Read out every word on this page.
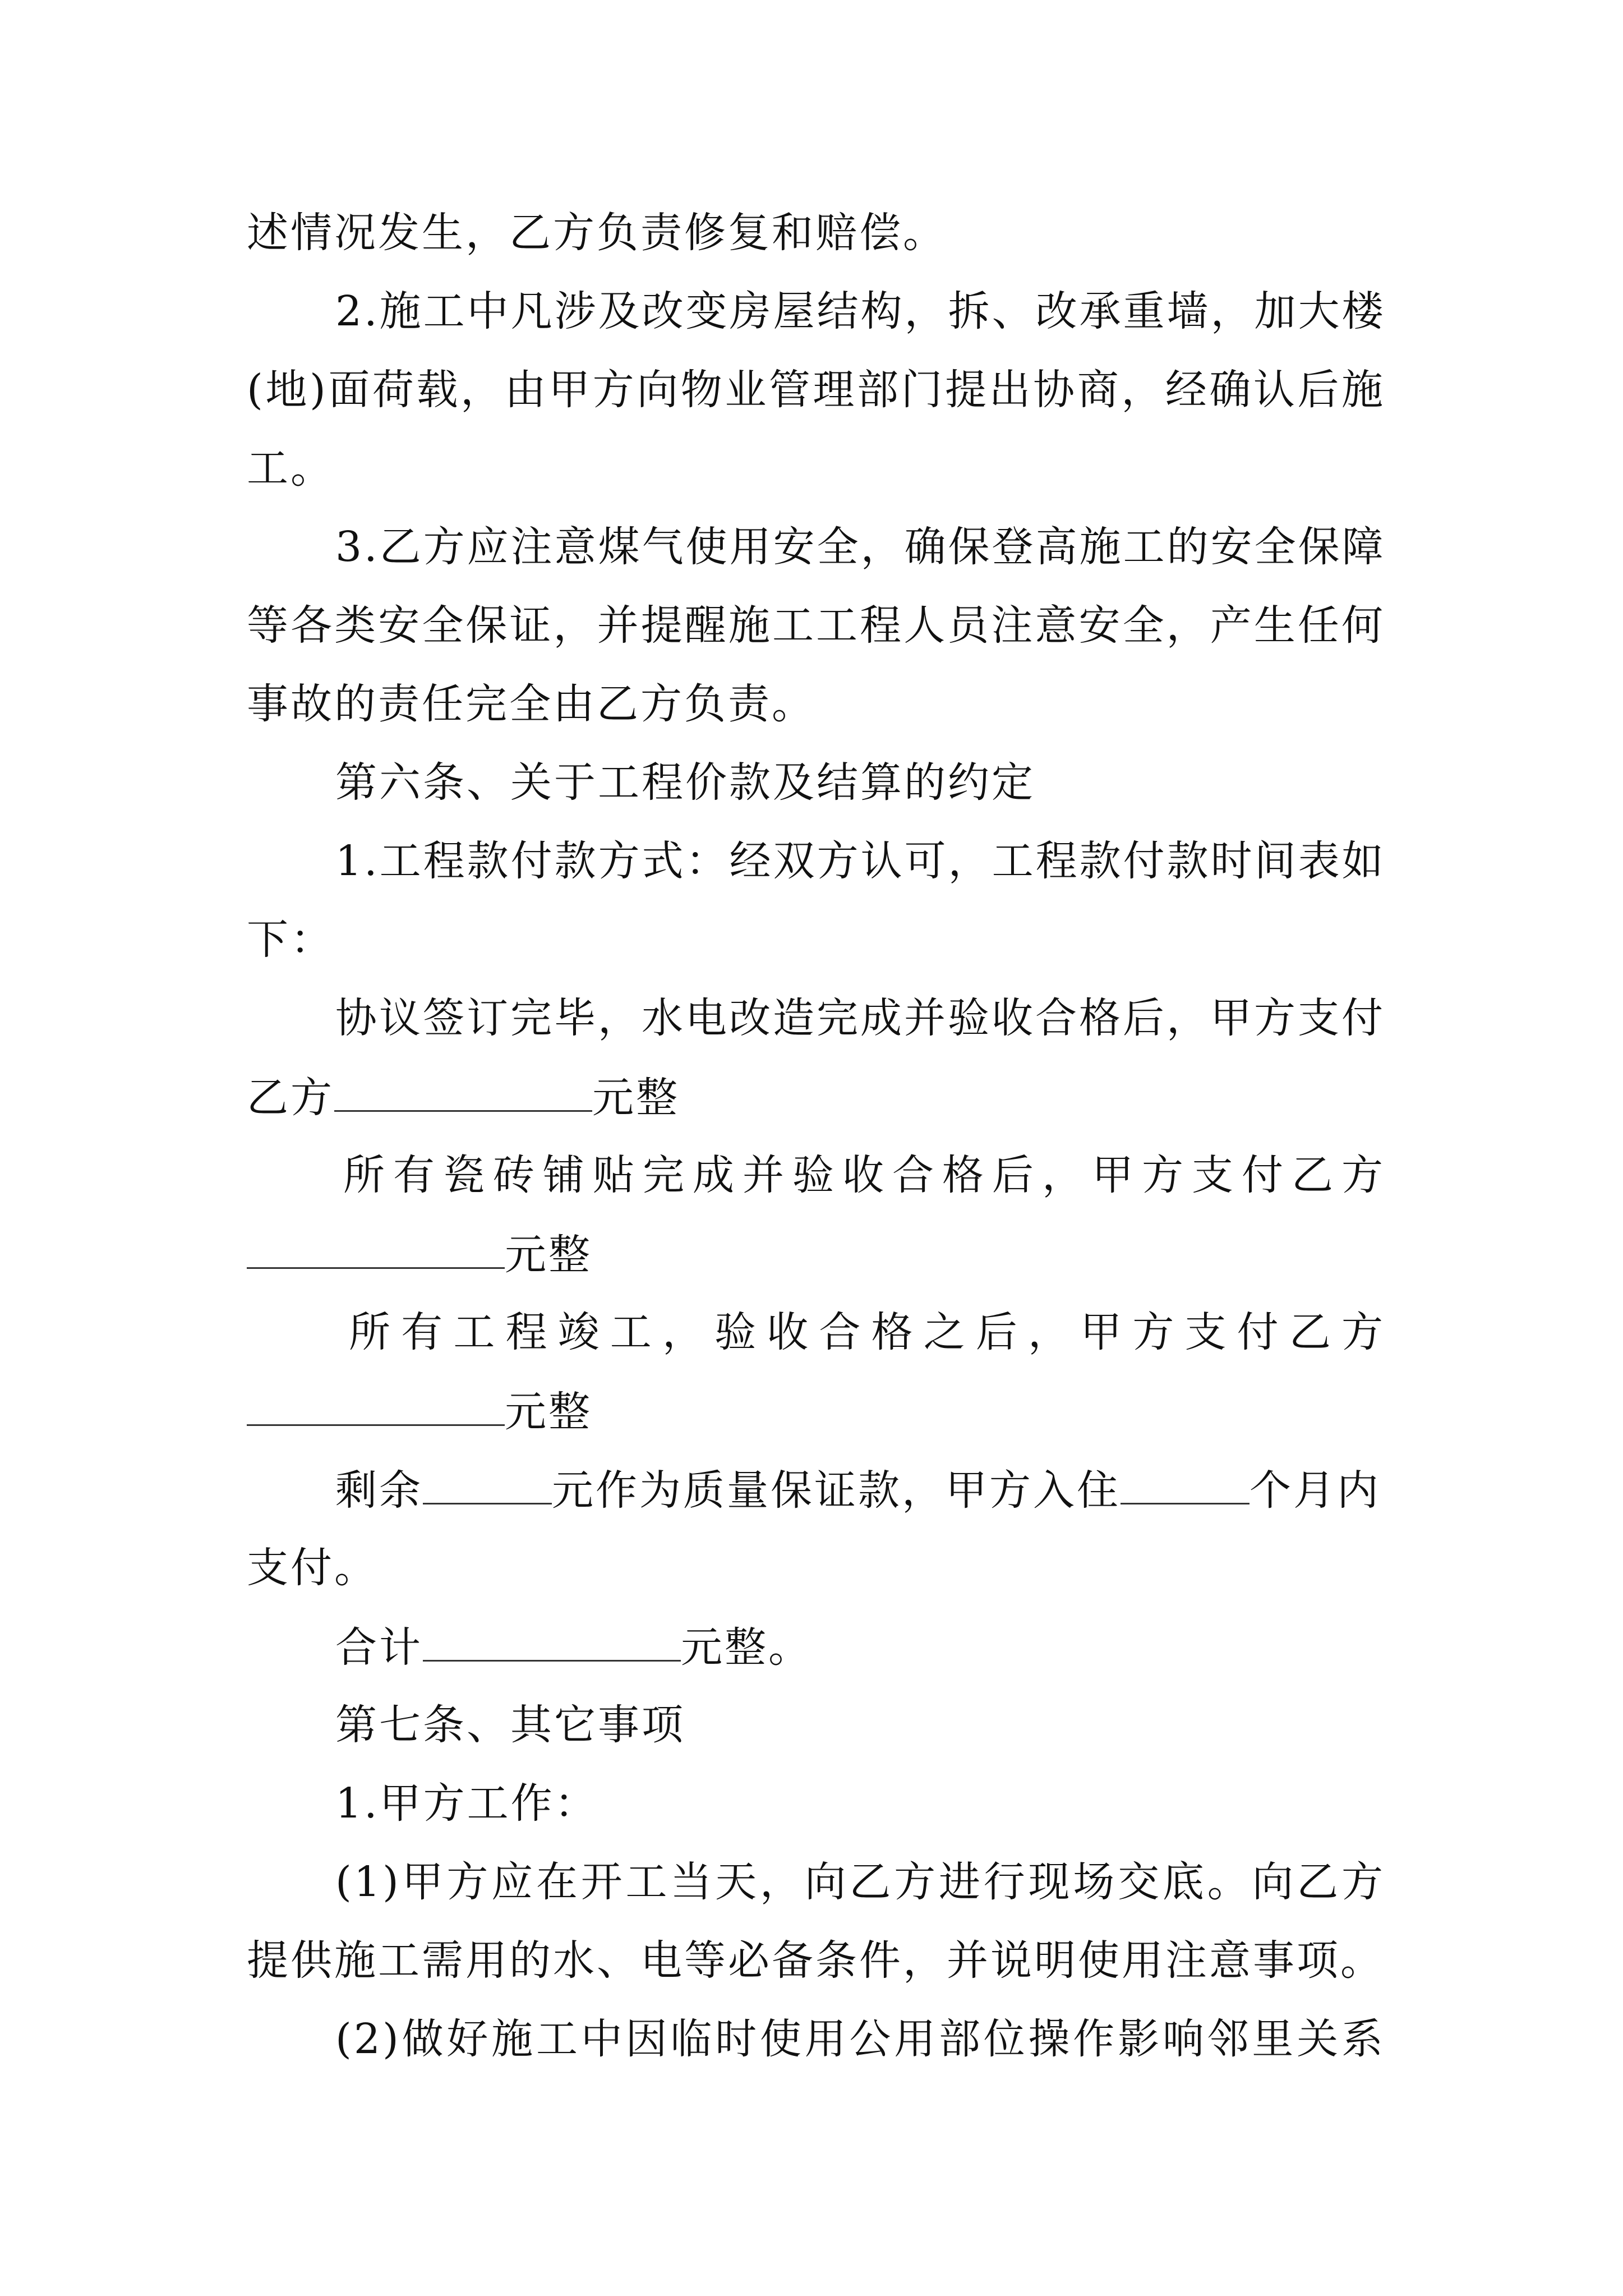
述情况发生，乙方负责修复和赔偿。
2.施工中凡涉及改变房屋结构，拆、改承重墙，加大楼
(地)面荷载，由甲方向物业管理部门提出协商，经确认后施
工。
3.乙方应注意煤气使用安全，确保登高施工的安全保障
等各类安全保证，并提醒施工工程人员注意安全，产生任何
事故的责任完全由乙方负责。
第六条、关于工程价款及结算的约定
1.工程款付款方式：经双方认可，工程款付款时间表如
下：
协议签订完毕，水电改造完成并验收合格后，甲方支付
乙方	元整
所有瓷砖铺贴完成并验收合格后，甲方支付乙方
元整
所有工程竣工，验收合格之后，甲方支付乙方
元整
剩余	元作为质量保证款，甲方入住	个月内
支付。
合计	元整。
第七条、其它事项
1.甲方工作：
(1)甲方应在开工当天，向乙方进行现场交底。向乙方
提供施工需用的水、电等必备条件，并说明使用注意事项。
(2)做好施工中因临时使用公用部位操作影响邻里关系
